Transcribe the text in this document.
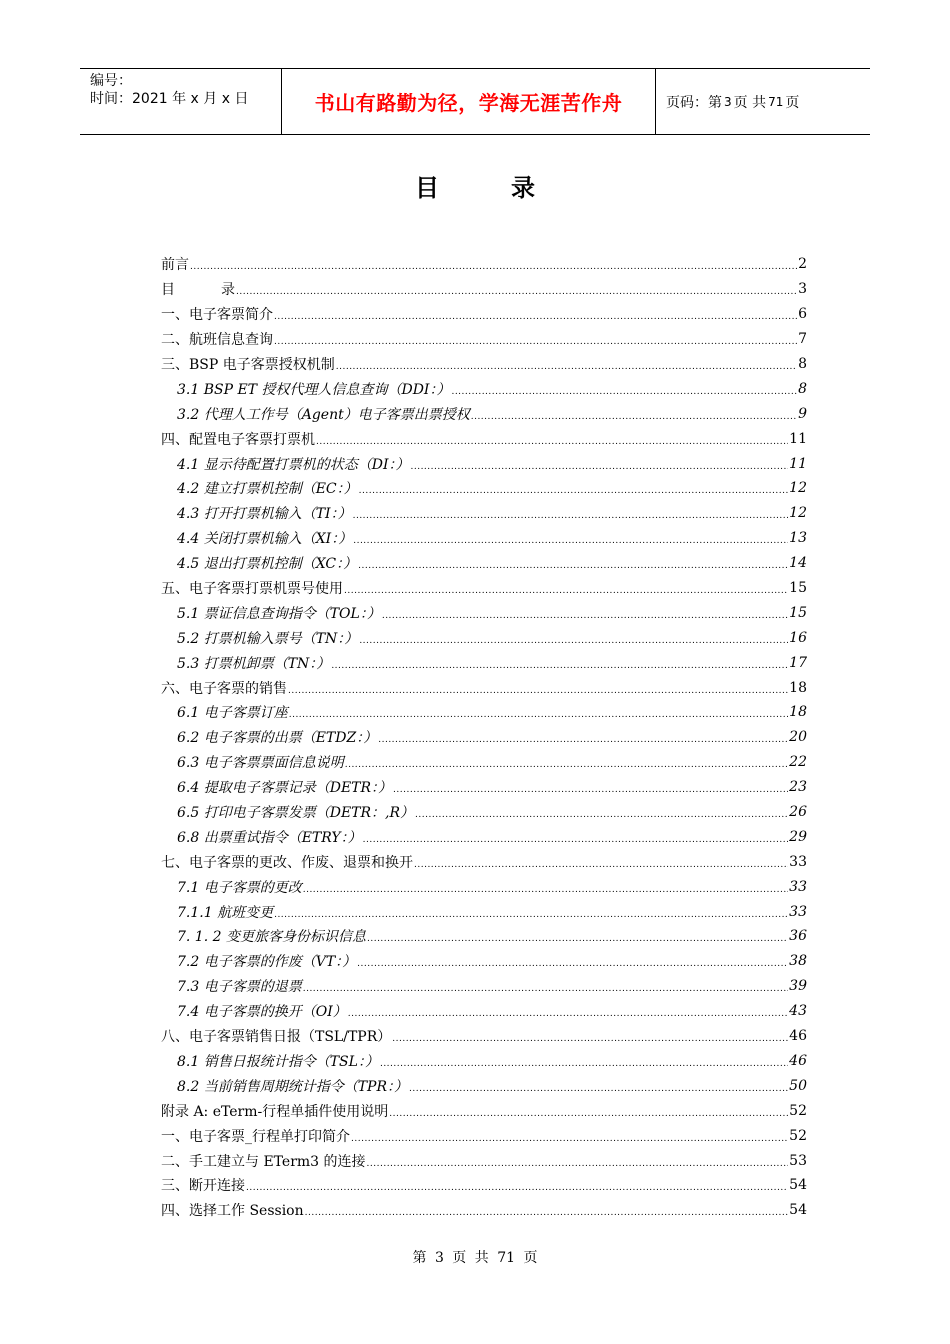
编号：
时间：2021 年 x 月 x 日	书山有路勤为径，学海无涯苦作舟	页码：第 3 页 共 71 页
目	录
前言 .....	2
目	录 .....	3
一、电子客票简介 .....	6
二、航班信息查询 .....	7
三、BSP 电子客票授权机制 .....	8
3.1 BSP ET 授权代理人信息查询（DDI：） .....	8
3.2 代理人工作号（Agent）电子客票出票授权 .....	9
四、配置电子客票打票机 .....	11
4.1 显示待配置打票机的状态（DI：） .....	11
4.2 建立打票机控制（EC：） .....	12
4.3 打开打票机输入（TI：） .....	12
4.4 关闭打票机输入（XI：） .....	13
4.5 退出打票机控制（XC：） .....	14
五、电子客票打票机票号使用 .....	15
5.1 票证信息查询指令（TOL：） .....	15
5.2 打票机输入票号（TN：） .....	16
5.3 打票机卸票（TN：） .....	17
六、电子客票的销售 .....	18
6.1 电子客票订座 .....	18
6.2 电子客票的出票（ETDZ：） .....	20
6.3 电子客票票面信息说明 .....	22
6.4 提取电子客票记录（DETR：） .....	23
6.5 打印电子客票发票（DETR：,R） .....	26
6.8 出票重试指令（ETRY：） .....	29
七、电子客票的更改、作废、退票和换开 .....	33
7.1 电子客票的更改 .....	33
7.1.1 航班变更 .....	33
7. 1. 2 变更旅客身份标识信息 .....	36
7.2 电子客票的作废（VT：） .....	38
7.3 电子客票的退票 .....	39
7.4 电子客票的换开（OI） .....	43
八、电子客票销售日报（TSL/TPR） .....	46
8.1 销售日报统计指令（TSL：） .....	46
8.2 当前销售周期统计指令（TPR：） .....	50
附录 A: eTerm-行程单插件使用说明 .....	52
一、电子客票_行程单打印简介 .....	52
二、手工建立与 ETerm3 的连接 .....	53
三、断开连接 .....	54
四、选择工作 Session .....	54
第 3 页 共 71 页
